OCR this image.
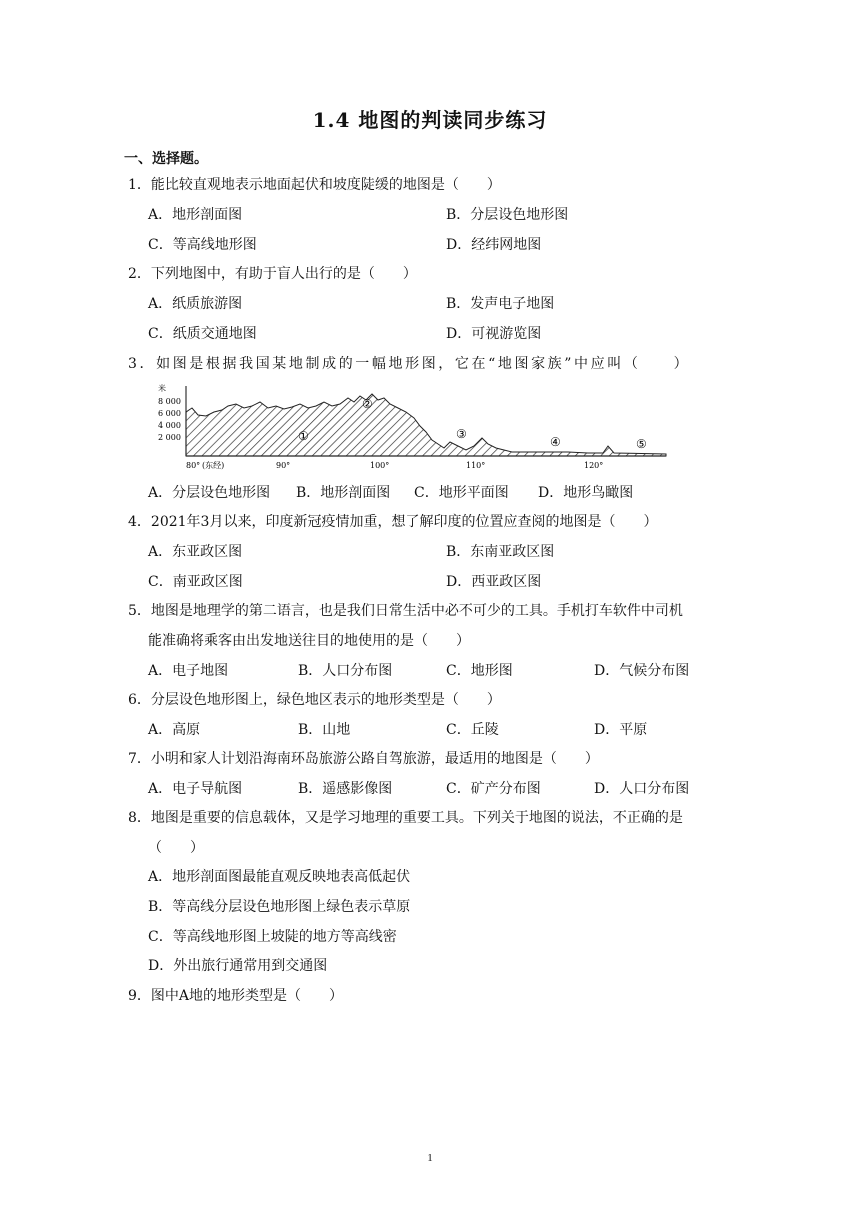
1.4 地图的判读同步练习
一、选择题。
1．能比较直观地表示地面起伏和坡度陡缓的地图是（　　）
A．地形剖面图	B．分层设色地形图
C．等高线地形图	D．经纬网地图
2．下列地图中，有助于盲人出行的是（　　）
A．纸质旅游图	B．发声电子地图
C．纸质交通地图	D．可视游览图
3．如图是根据我国某地制成的一幅地形图，它在“地图家族”中应叫（　　）
米
8 000
6 000
4 000
2 000	①
②
③
④	⑤
80° (东经)	90°	100°	110°	120°
A．分层设色地形图 B．地形剖面图 C．地形平面图 D．地形鸟瞰图
4．2021年3月以来，印度新冠疫情加重，想了解印度的位置应查阅的地图是（　　）
A．东亚政区图	B．东南亚政区图
C．南亚政区图	D．西亚政区图
5．地图是地理学的第二语言，也是我们日常生活中必不可少的工具。手机打车软件中司机
能准确将乘客由出发地送往目的地使用的是（　　）
A．电子地图	B．人口分布图	C．地形图	D．气候分布图
6．分层设色地形图上，绿色地区表示的地形类型是（　　）
A．高原	B．山地	C．丘陵	D．平原
7．小明和家人计划沿海南环岛旅游公路自驾旅游，最适用的地图是（　　）
A．电子导航图	B．遥感影像图	C．矿产分布图	D．人口分布图
8．地图是重要的信息载体，又是学习地理的重要工具。下列关于地图的说法，不正确的是
（　　）
A．地形剖面图最能直观反映地表高低起伏
B．等高线分层设色地形图上绿色表示草原
C．等高线地形图上坡陡的地方等高线密
D．外出旅行通常用到交通图
9．图中A地的地形类型是（　　）
1
